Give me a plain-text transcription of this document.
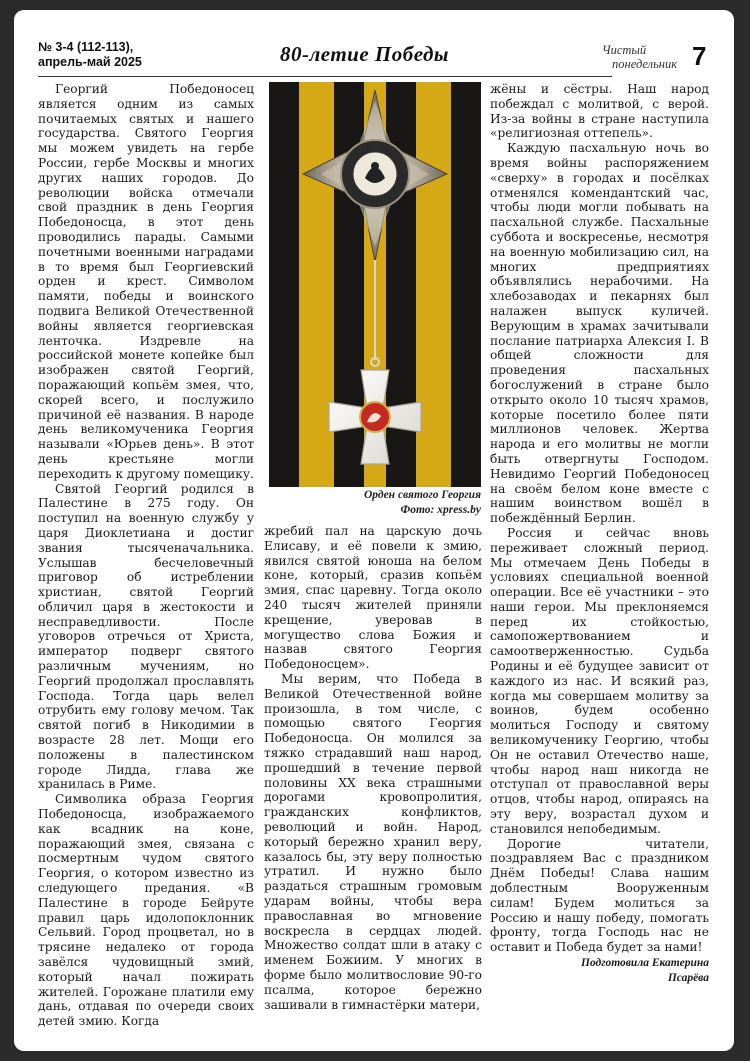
№ 3-4 (112-113),
апрель-май 2025	80-летие Победы	Чистый
понедельник 7

Георгий Победоносец является одним из самых почитаемых святых и нашего государства. Святого Георгия мы можем увидеть на гербе России, гербе Москвы и многих других наших городов. До революции войска отмечали свой праздник в день Георгия Победоносца, в этот день проводились парады. Самыми почетными военными наградами в то время был Георгиевский орден и крест. Символом памяти, победы и воинского подвига Великой Отечественной войны является георгиевская ленточка. Издревле на российской монете копейке был изображен святой Георгий, поражающий копьём змея, что, скорей всего, и послужило причиной её названия. В народе день великомученика Георгия называли «Юрьев день». В этот день крестьяне могли переходить к другому помещику.

Святой Георгий родился в Палестине в 275 году. Он поступил на военную службу у царя Диоклетиана и достиг звания тысяченачальника. Услышав бесчеловечный приговор об истреблении христиан, святой Георгий обличил царя в жестокости и несправедливости. После уговоров отречься от Христа, император подверг святого различным мучениям, но Георгий продолжал прославлять Господа. Тогда царь велел отрубить ему голову мечом. Так святой погиб в Никодимии в возрасте 28 лет. Мощи его положены в палестинском городе Лидда, глава же хранилась в Риме.

Символика образа Георгия Победоносца, изображаемого как всадник на коне, поражающий змея, связана с посмертным чудом святого Георгия, о котором известно из следующего предания. «В Палестине в городе Бейруте правил царь идолопоклонник Сельвий. Город процветал, но в трясине недалеко от города завёлся чудовищный змий, который начал пожирать жителей. Горожане платили ему дань, отдавая по очереди своих детей змию. Когда

Орден святого Георгия
Фото: xpress.by

жребий пал на царскую дочь Елисаву, и её повели к змию, явился святой юноша на белом коне, который, сразив копьём змия, спас царевну. Тогда около 240 тысяч жителей приняли крещение, уверовав в могущество слова Божия и назвав святого Георгия Победоносцем».

Мы верим, что Победа в Великой Отечественной войне произошла, в том числе, с помощью святого Георгия Победоносца. Он молился за тяжко страдавший наш народ, прошедший в течение первой половины XX века страшными дорогами кровопролития, гражданских конфликтов, революций и войн. Народ, который бережно хранил веру, казалось бы, эту веру полностью утратил. И нужно было раздаться страшным громовым ударам войны, чтобы вера православная во мгновение воскресла в сердцах людей. Множество солдат шли в атаку с именем Божиим. У многих в форме было молитвословие 90-го псалма, которое бережно зашивали в гимнастёрки матери,

жёны и сёстры. Наш народ побеждал с молитвой, с верой. Из-за войны в стране наступила «религиозная оттепель».

Каждую пасхальную ночь во время войны распоряжением «сверху» в городах и посёлках отменялся комендантский час, чтобы люди могли побывать на пасхальной службе. Пасхальные суббота и воскресенье, несмотря на военную мобилизацию сил, на многих предприятиях объявлялись нерабочими. На хлебозаводах и пекарнях был налажен выпуск куличей. Верующим в храмах зачитывали послание патриарха Алексия I. В общей сложности для проведения пасхальных богослужений в стране было открыто около 10 тысяч храмов, которые посетило более пяти миллионов человек. Жертва народа и его молитвы не могли быть отвергнуты Господом. Невидимо Георгий Победоносец на своём белом коне вместе с нашим воинством вошёл в побеждённый Берлин.

Россия и сейчас вновь переживает сложный период. Мы отмечаем День Победы в условиях специальной военной операции. Все её участники – это наши герои. Мы преклоняемся перед их стойкостью, самопожертвованием и самоотверженностью. Судьба Родины и её будущее зависит от каждого из нас. И всякий раз, когда мы совершаем молитву за воинов, будем особенно молиться Господу и святому великомученику Георгию, чтобы Он не оставил Отечество наше, чтобы народ наш никогда не отступал от православной веры отцов, чтобы народ, опираясь на эту веру, возрастал духом и становился непобедимым.

Дорогие читатели, поздравляем Вас с праздником Днём Победы! Слава нашим доблестным Вооруженным силам! Будем молиться за Россию и нашу победу, помогать фронту, тогда Господь нас не оставит и Победа будет за нами!

Подготовила Екатерина
Псарёва
